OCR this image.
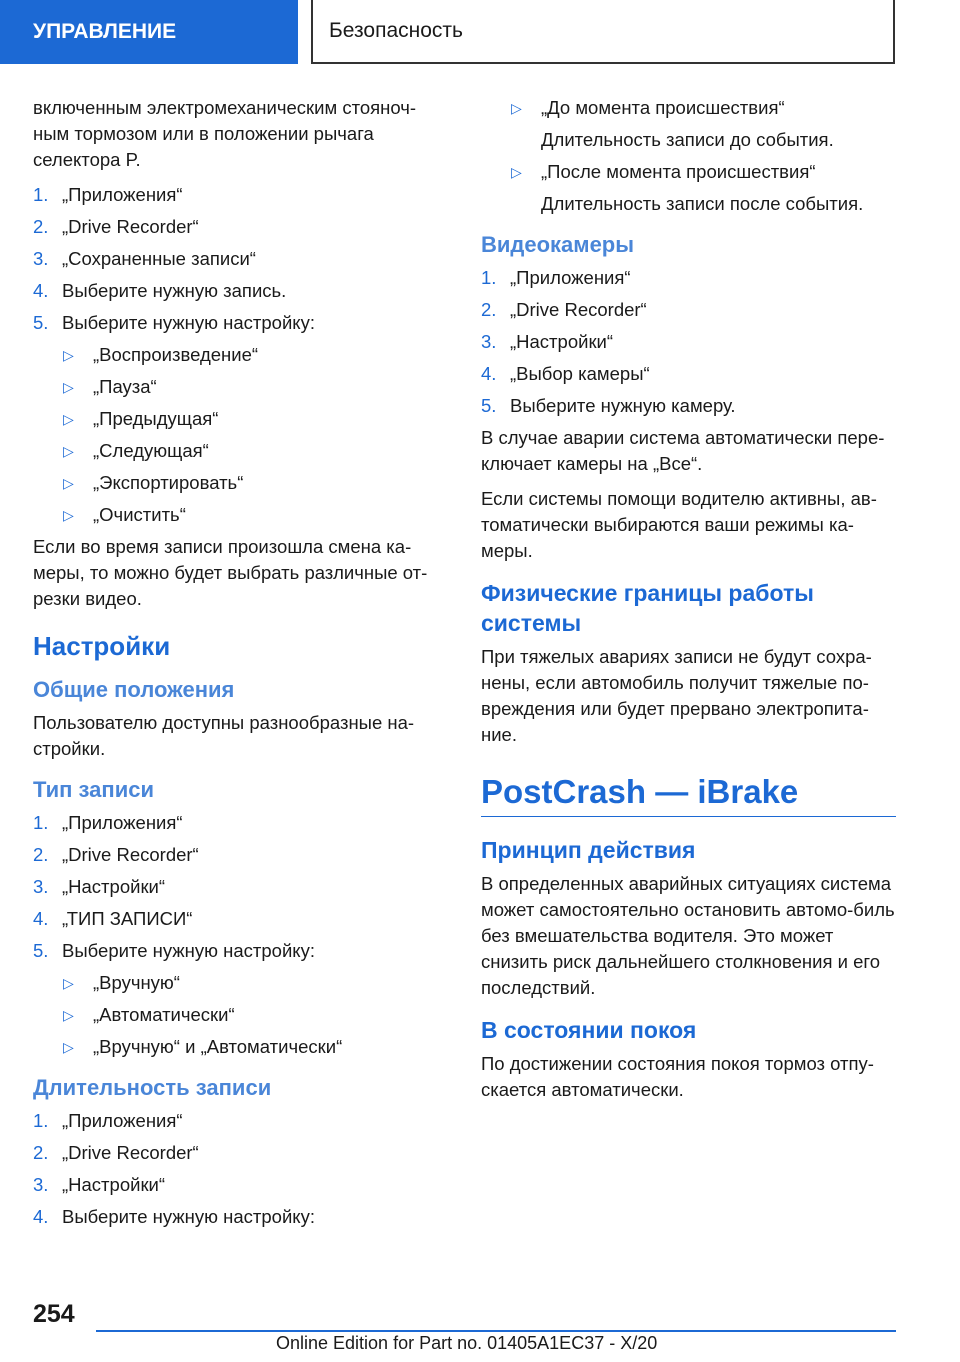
УПРАВЛЕНИЕ	Безопасность

включенным электромеханическим стояноч-ным тормозом или в положении рычага селектора P.

1. „Приложения“
2. „Drive Recorder“
3. „Сохраненные записи“
4. Выберите нужную запись.
5. Выберите нужную настройку:
▷	„Воспроизведение“
▷	„Пауза“
▷	„Предыдущая“
▷	„Следующая“
▷	„Экспортировать“
▷	„Очистить“

Если во время записи произошла смена ка-меры, то можно будет выбрать различные от-резки видео.

Настройки
Общие положения

Пользователю доступны разнообразные на-стройки.

Тип записи
1. „Приложения“
2. „Drive Recorder“
3. „Настройки“
4. „ТИП ЗАПИСИ“
5. Выберите нужную настройку:
▷	„Вручную“
▷	„Автоматически“
▷	„Вручную“ и „Автоматически“
Длительность записи
1. „Приложения“
2. „Drive Recorder“
3. „Настройки“
4. Выберите нужную настройку:
▷	„До момента происшествия“
Длительность записи до события.
▷	„После момента происшествия“
Длительность записи после события.
Видеокамеры
1. „Приложения“
2. „Drive Recorder“
3. „Настройки“
4. „Выбор камеры“
5. Выберите нужную камеру.

В случае аварии система автоматически пере-ключает камеры на „Все“.

Если системы помощи водителю активны, ав-томатически выбираются ваши режимы ка-меры.

Физические границы работы системы

При тяжелых авариях записи не будут сохра-нены, если автомобиль получит тяжелые по-вреждения или будет прервано электропита-ние.

PostCrash — iBrake
Принцип действия

В определенных аварийных ситуациях система может самостоятельно остановить автомо-биль без вмешательства водителя. Это может снизить риск дальнейшего столкновения и его последствий.

В состоянии покоя

По достижении состояния покоя тормоз отпу-скается автоматически.

254
Online Edition for Part no. 01405A1EC37 - X/20
